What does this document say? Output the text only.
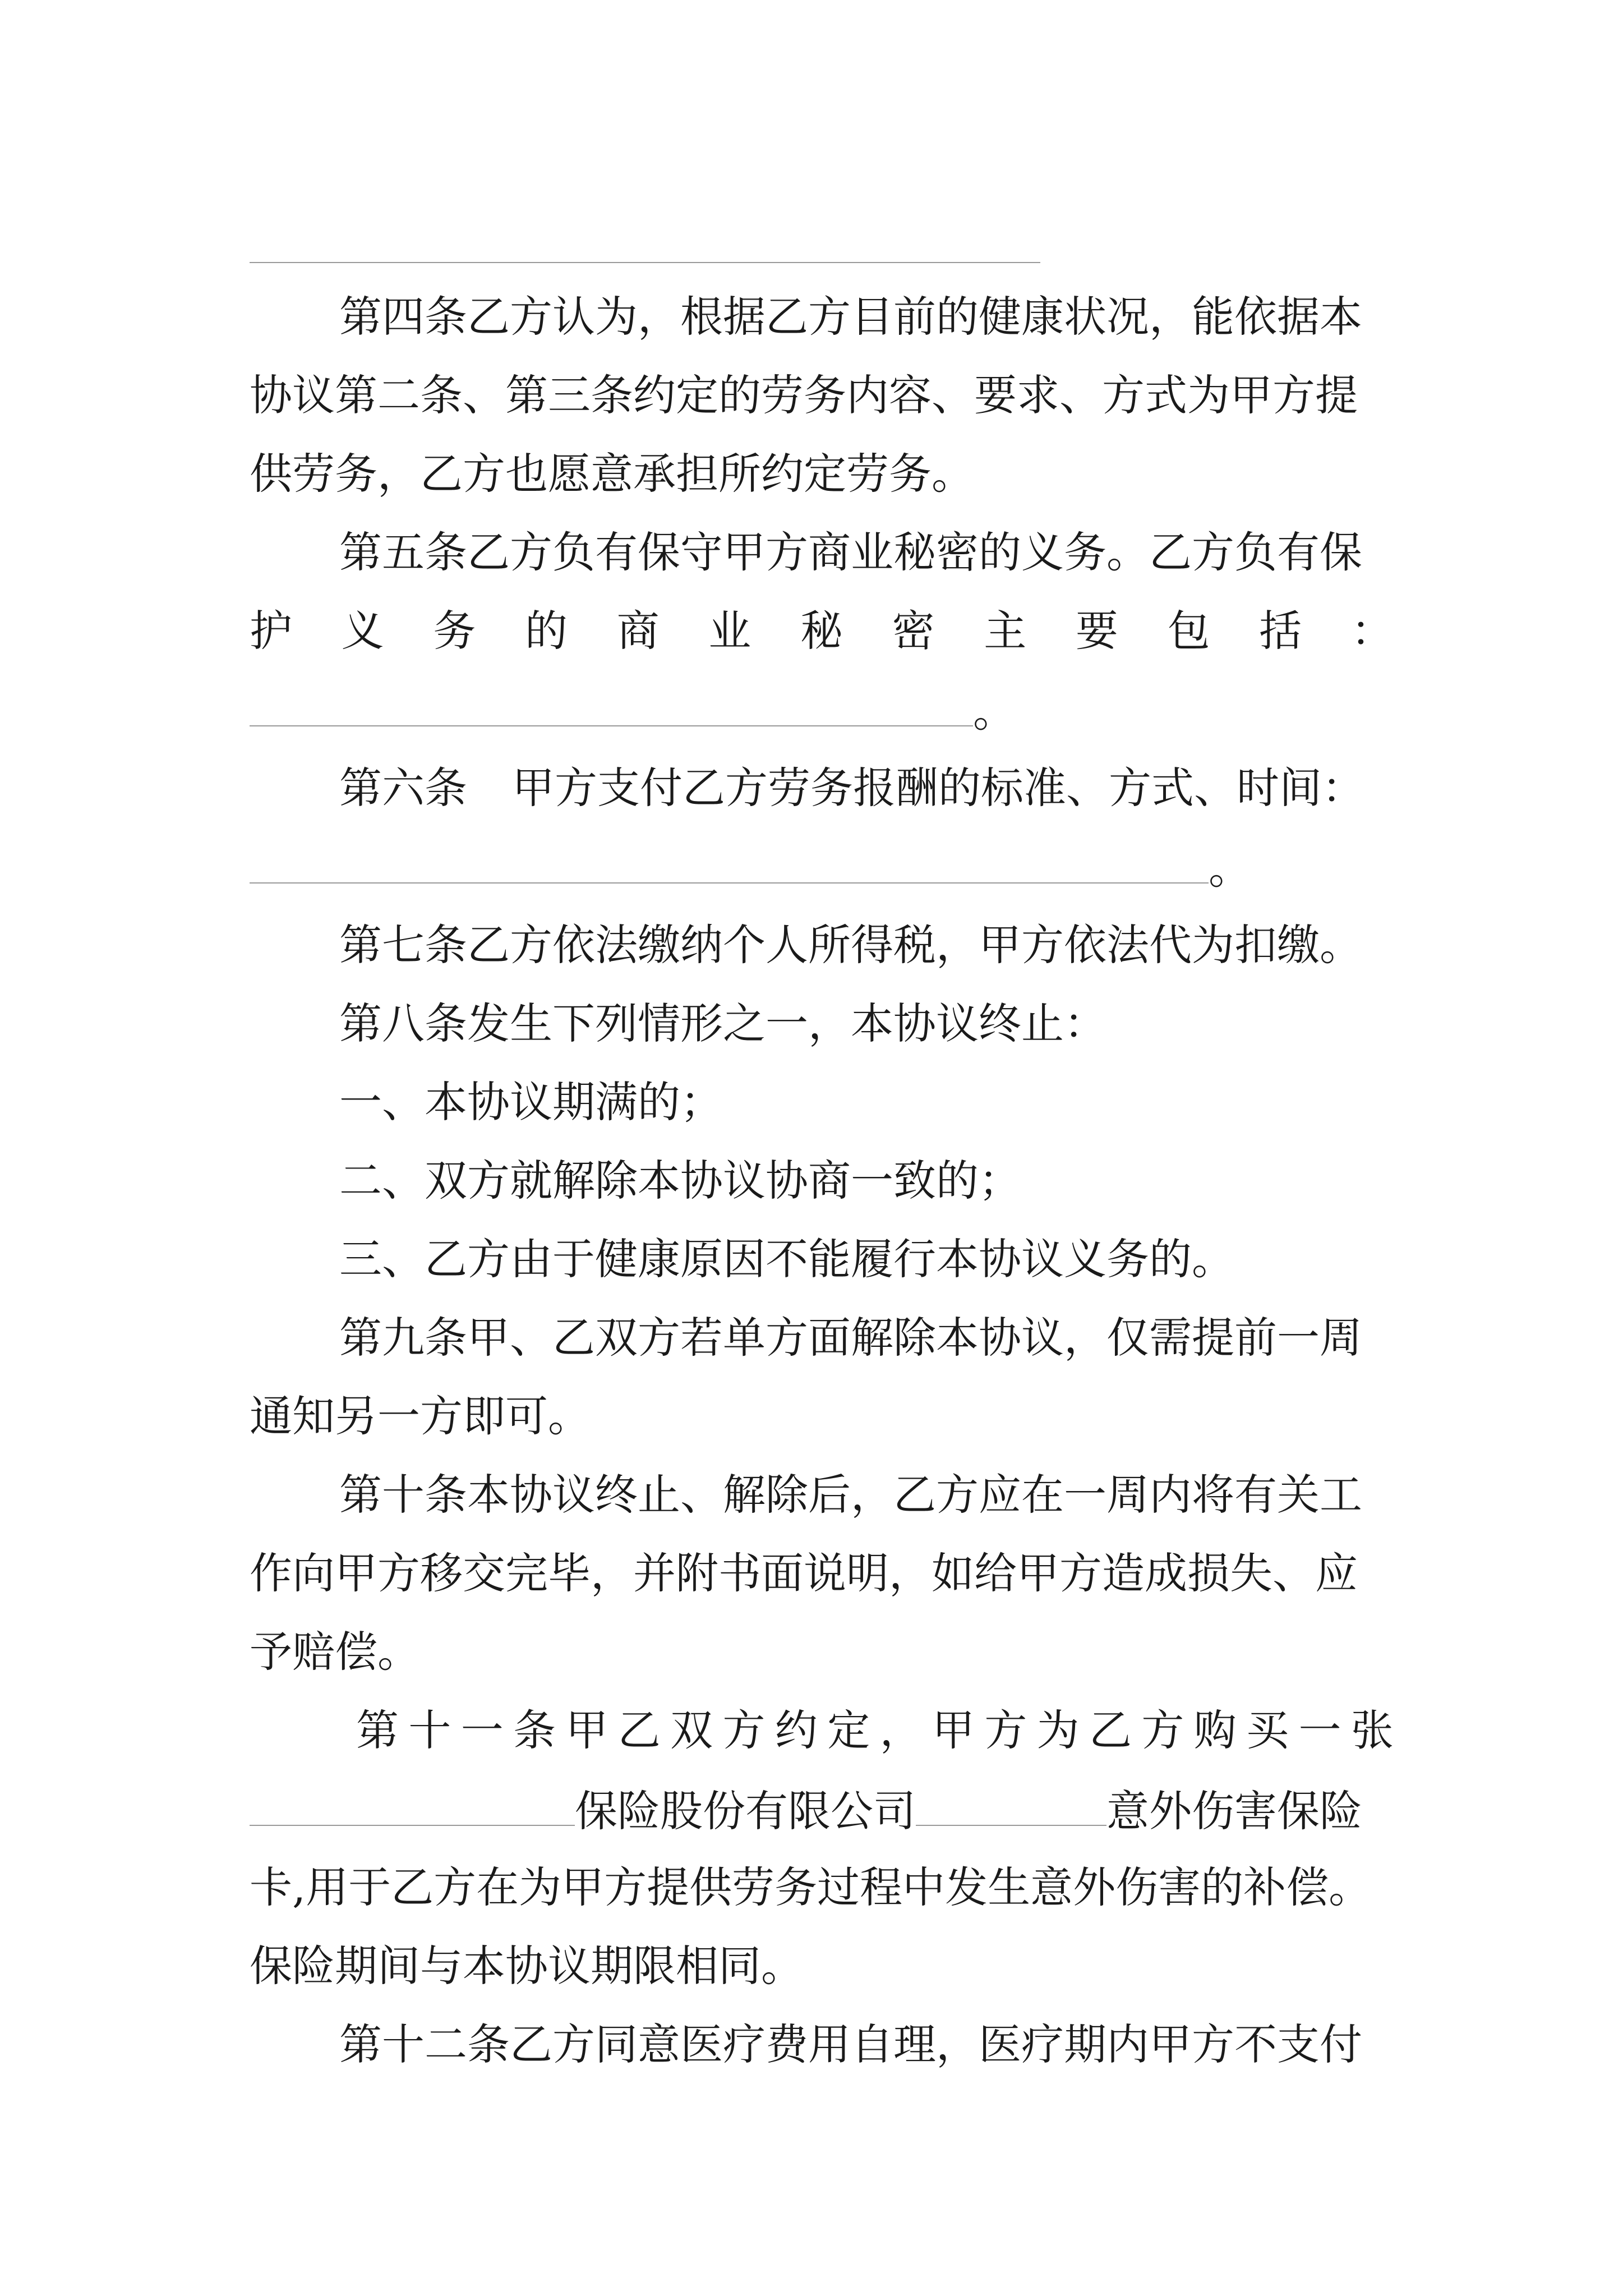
第四条乙方认为，根据乙方目前的健康状况，能依据本
协议第二条、第三条约定的劳务内容、要求、方式为甲方提
供劳务，乙方也愿意承担所约定劳务。
第五条乙方负有保守甲方商业秘密的义务。乙方负有保
护 义 务 的 商 业 秘 密 主 要 包 括 ：
。
第六条 甲方支付乙方劳务报酬的标准、方式、时间：
。
第七条乙方依法缴纳个人所得税，甲方依法代为扣缴。
第八条发生下列情形之一，本协议终止：
一、本协议期满的；
二、双方就解除本协议协商一致的；
三、乙方由于健康原因不能履行本协议义务的。
第九条甲、乙双方若单方面解除本协议，仅需提前一周
通知另一方即可。
第十条本协议终止、解除后，乙方应在一周内将有关工
作向甲方移交完毕，并附书面说明，如给甲方造成损失、应
予赔偿。
第 十 一 条 甲 乙 双 方 约 定 ， 甲 方 为 乙 方 购 买 一 张
保险股份有限公司	意外伤害保险
卡,用于乙方在为甲方提供劳务过程中发生意外伤害的补偿。
保险期间与本协议期限相同。
第十二条乙方同意医疗费用自理，医疗期内甲方不支付
